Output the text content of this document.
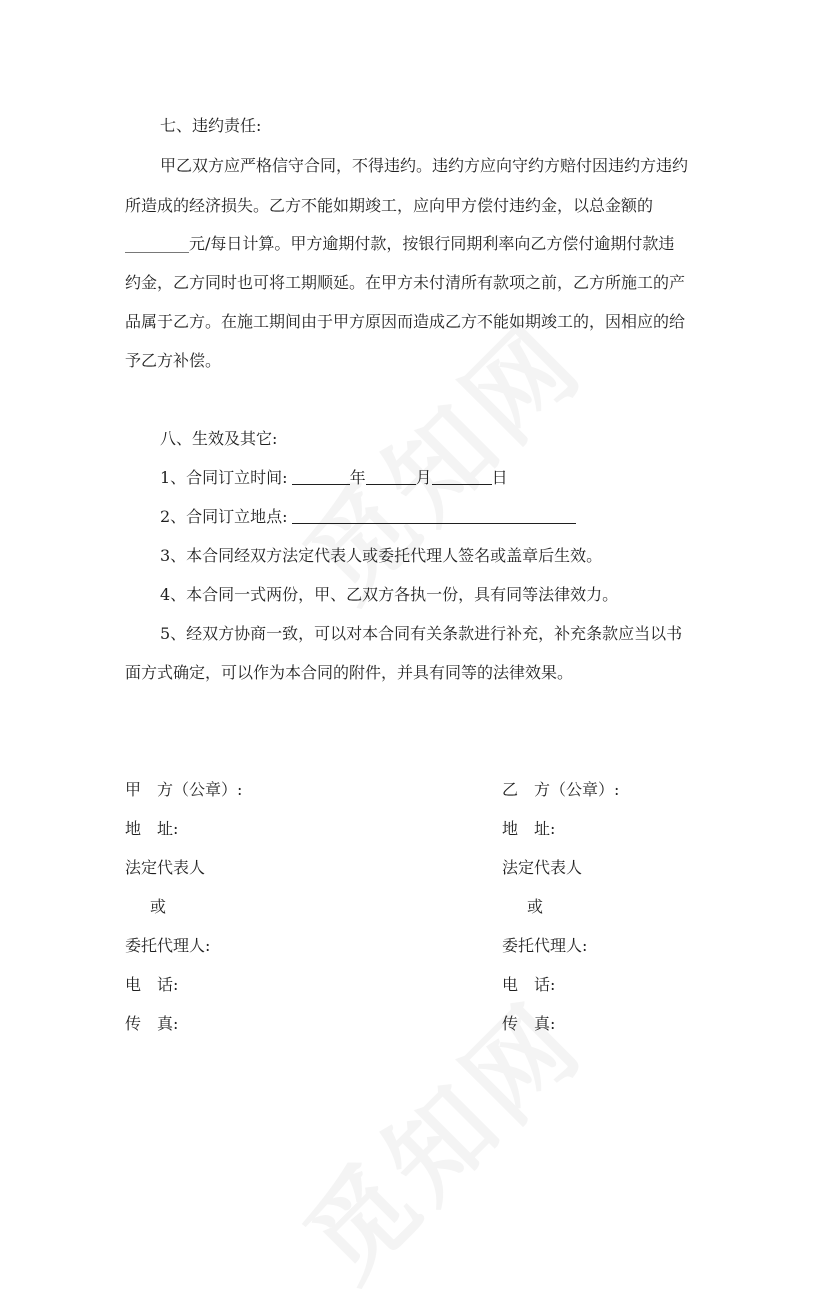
七、违约责任:
甲乙双方应严格信守合同，不得违约。违约方应向守约方赔付因违约方违约
所造成的经济损失。乙方不能如期竣工，应向甲方偿付违约金，以总金额的
________元/每日计算。甲方逾期付款，按银行同期利率向乙方偿付逾期付款违
约金，乙方同时也可将工期顺延。在甲方未付清所有款项之前，乙方所施工的产
品属于乙方。在施工期间由于甲方原因而造成乙方不能如期竣工的，因相应的给
予乙方补偿。
八、生效及其它:
1、合同订立时间:	年	月	日
2、合同订立地点:
3、本合同经双方法定代表人或委托代理人签名或盖章后生效。
4、本合同一式两份，甲、乙双方各执一份，具有同等法律效力。
5、经双方协商一致，可以对本合同有关条款进行补充，补充条款应当以书
面方式确定，可以作为本合同的附件，并具有同等的法律效果。
甲　方（公章）:
地　址:
法定代表人
或
委托代理人:
电　话:
传　真:
乙　方（公章）:
地　址:
法定代表人
或
委托代理人:
电　话:
传　真:
